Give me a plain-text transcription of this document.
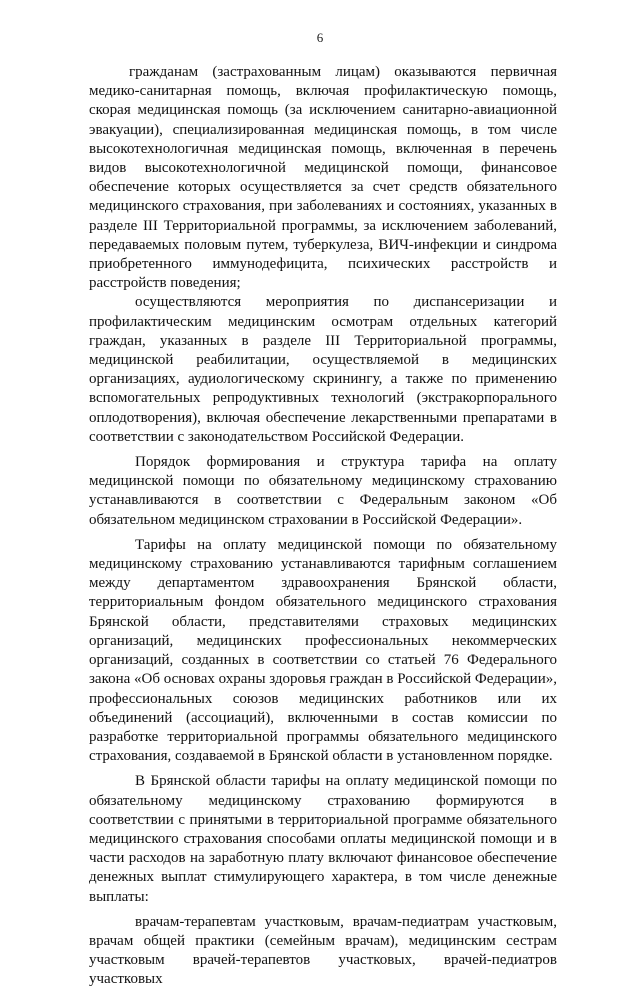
6

гражданам (застрахованным лицам) оказываются первичная медико-санитарная помощь, включая профилактическую помощь, скорая медицинская помощь (за исключением санитарно-авиационной эвакуации), специализированная медицинская помощь, в том числе высокотехнологичная медицинская помощь, включенная в перечень видов высокотехнологичной медицинской помощи, финансовое обеспечение которых осуществляется за счет средств обязательного медицинского страхования, при заболеваниях и состояниях, указанных в разделе III Территориальной программы, за исключением заболеваний, передаваемых половым путем, туберкулеза, ВИЧ-инфекции и синдрома приобретенного иммунодефицита, психических расстройств и расстройств поведения;

осуществляются мероприятия по диспансеризации и профилактическим медицинским осмотрам отдельных категорий граждан, указанных в разделе III Территориальной программы, медицинской реабилитации, осуществляемой в медицинских организациях, аудиологическому скринингу, а также по применению вспомогательных репродуктивных технологий (экстракорпорального оплодотворения), включая обеспечение лекарственными препаратами в соответствии с законодательством Российской Федерации.

Порядок формирования и структура тарифа на оплату медицинской помощи по обязательному медицинскому страхованию устанавливаются в соответствии с Федеральным законом «Об обязательном медицинском страховании в Российской Федерации».

Тарифы на оплату медицинской помощи по обязательному медицинскому страхованию устанавливаются тарифным соглашением между департаментом здравоохранения Брянской области, территориальным фондом обязательного медицинского страхования Брянской области, представителями страховых медицинских организаций, медицинских профессиональных некоммерческих организаций, созданных в соответствии со статьей 76 Федерального закона «Об основах охраны здоровья граждан в Российской Федерации», профессиональных союзов медицинских работников или их объединений (ассоциаций), включенными в состав комиссии по разработке территориальной программы обязательного медицинского страхования, создаваемой в Брянской области в установленном порядке.

В Брянской области тарифы на оплату медицинской помощи по обязательному медицинскому страхованию формируются в соответствии с принятыми в территориальной программе обязательного медицинского страхования способами оплаты медицинской помощи и в части расходов на заработную плату включают финансовое обеспечение денежных выплат стимулирующего характера, в том числе денежные выплаты:

врачам-терапевтам участковым, врачам-педиатрам участковым, врачам общей практики (семейным врачам), медицинским сестрам участковым врачей-терапевтов участковых, врачей-педиатров участковых
